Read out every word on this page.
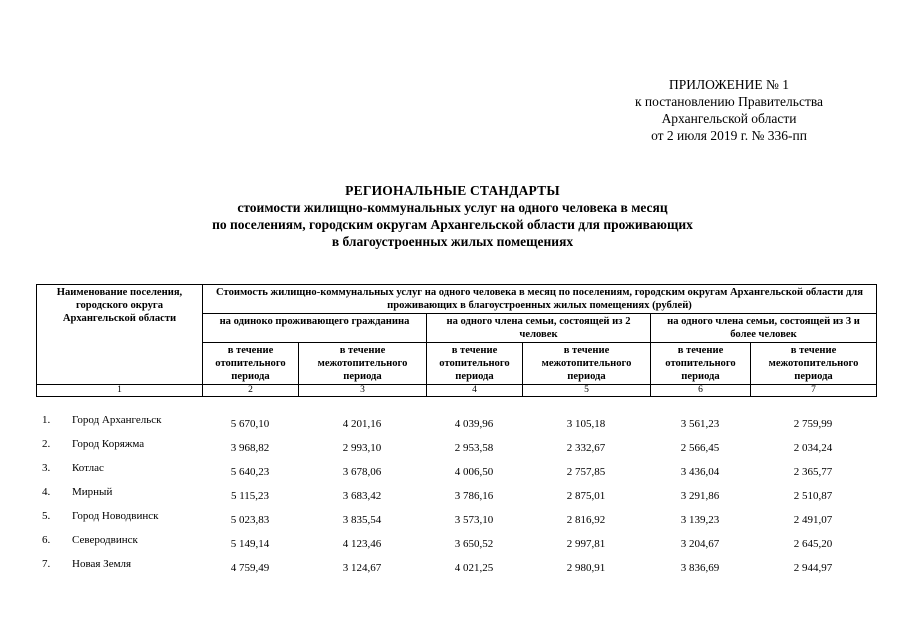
ПРИЛОЖЕНИЕ № 1
к постановлению Правительства
Архангельской области
от 2 июля 2019 г. № 336-пп
РЕГИОНАЛЬНЫЕ СТАНДАРТЫ
стоимости жилищно-коммунальных услуг на одного человека в месяц
по поселениям, городским округам Архангельской области для проживающих
в благоустроенных жилых помещениях
Наименование поселения, городского округа Архангельской области	Стоимость жилищно-коммунальных услуг на одного человека в месяц по поселениям, городским округам Архангельской области для проживающих в благоустроенных жилых помещениях (рублей)					
	на одиноко проживающего гражданина		на одного члена семьи, состоящей из 2 человек		на одного члена семьи, состоящей из 3 и более человек	
	в течение отопительного периода	в течение межотопительного периода	в течение отопительного периода	в течение межотопительного периода	в течение отопительного периода	в течение межотопительного периода
1	2	3	4	5	6	7
1.	Город Архангельск	5 670,10	4 201,16	4 039,96	3 105,18	3 561,23	2 759,99
2.	Город Коряжма	3 968,82	2 993,10	2 953,58	2 332,67	2 566,45	2 034,24
3.	Котлас	5 640,23	3 678,06	4 006,50	2 757,85	3 436,04	2 365,77
4.	Мирный	5 115,23	3 683,42	3 786,16	2 875,01	3 291,86	2 510,87
5.	Город Новодвинск	5 023,83	3 835,54	3 573,10	2 816,92	3 139,23	2 491,07
6.	Северодвинск	5 149,14	4 123,46	3 650,52	2 997,81	3 204,67	2 645,20
7.	Новая Земля	4 759,49	3 124,67	4 021,25	2 980,91	3 836,69	2 944,97
